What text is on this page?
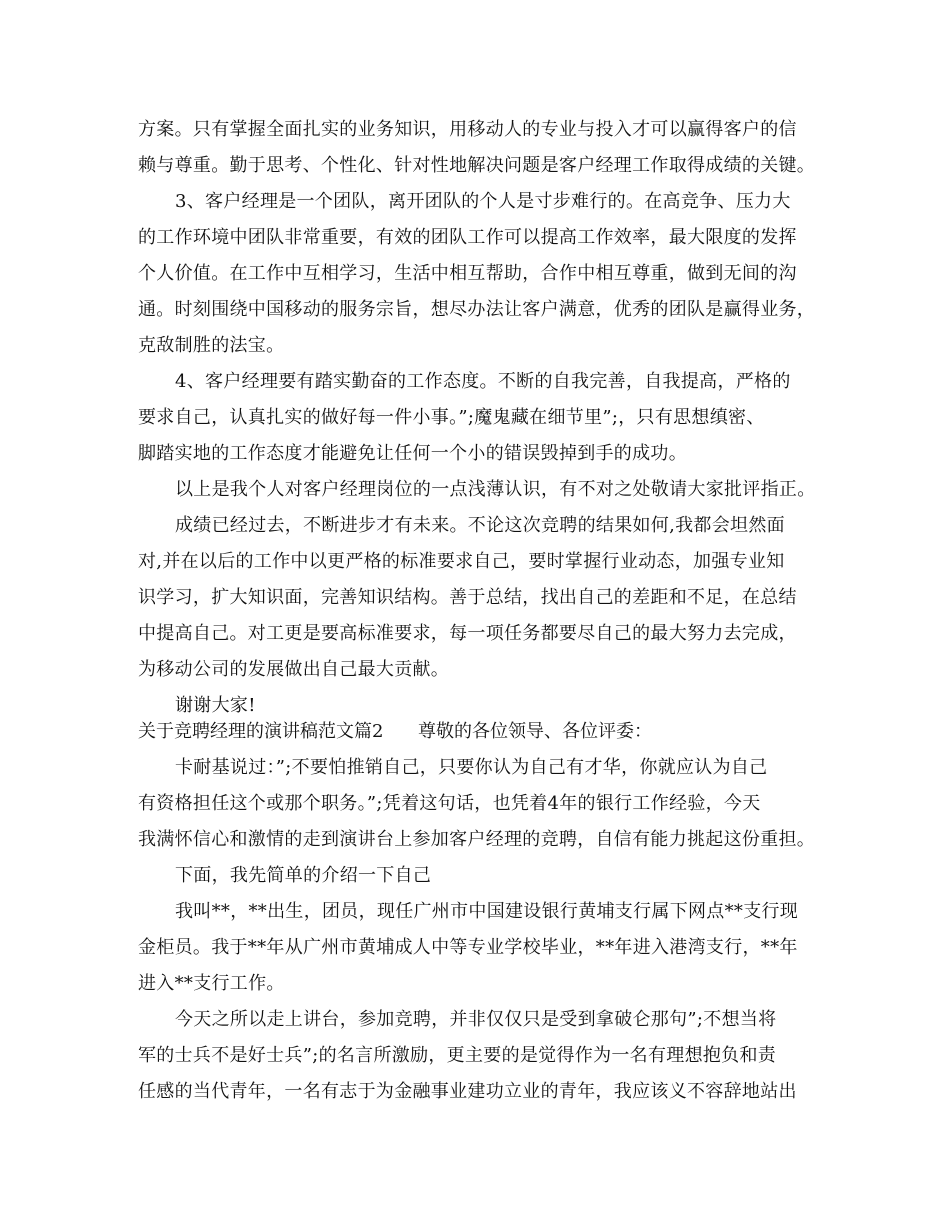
方案。只有掌握全面扎实的业务知识，用移动人的专业与投入才可以赢得客户的信
赖与尊重。勤于思考、个性化、针对性地解决问题是客户经理工作取得成绩的关键。
3、客户经理是一个团队，离开团队的个人是寸步难行的。在高竞争、压力大
的工作环境中团队非常重要，有效的团队工作可以提高工作效率，最大限度的发挥
个人价值。在工作中互相学习，生活中相互帮助，合作中相互尊重，做到无间的沟
通。时刻围绕中国移动的服务宗旨，想尽办法让客户满意，优秀的团队是赢得业务，
克敌制胜的法宝。
4、客户经理要有踏实勤奋的工作态度。不断的自我完善，自我提高，严格的
要求自己，认真扎实的做好每一件小事。”;魔鬼藏在细节里”;，只有思想缜密、
脚踏实地的工作态度才能避免让任何一个小的错误毁掉到手的成功。
以上是我个人对客户经理岗位的一点浅薄认识，有不对之处敬请大家批评指正。
成绩已经过去，不断进步才有未来。不论这次竞聘的结果如何,我都会坦然面
对,并在以后的工作中以更严格的标准要求自己，要时掌握行业动态，加强专业知
识学习，扩大知识面，完善知识结构。善于总结，找出自己的差距和不足，在总结
中提高自己。对工更是要高标准要求，每一项任务都要尽自己的最大努力去完成，
为移动公司的发展做出自己最大贡献。
谢谢大家!
关于竞聘经理的演讲稿范文篇2 尊敬的各位领导、各位评委：
卡耐基说过：”;不要怕推销自己，只要你认为自己有才华，你就应认为自己
有资格担任这个或那个职务。”;凭着这句话，也凭着4年的银行工作经验，今天
我满怀信心和激情的走到演讲台上参加客户经理的竞聘，自信有能力挑起这份重担。
下面，我先简单的介绍一下自己
我叫**，**出生，团员，现任广州市中国建设银行黄埔支行属下网点**支行现
金柜员。我于**年从广州市黄埔成人中等专业学校毕业，**年进入港湾支行，**年
进入**支行工作。
今天之所以走上讲台，参加竞聘，并非仅仅只是受到拿破仑那句”;不想当将
军的士兵不是好士兵”;的名言所激励，更主要的是觉得作为一名有理想抱负和责
任感的当代青年，一名有志于为金融事业建功立业的青年，我应该义不容辞地站出
